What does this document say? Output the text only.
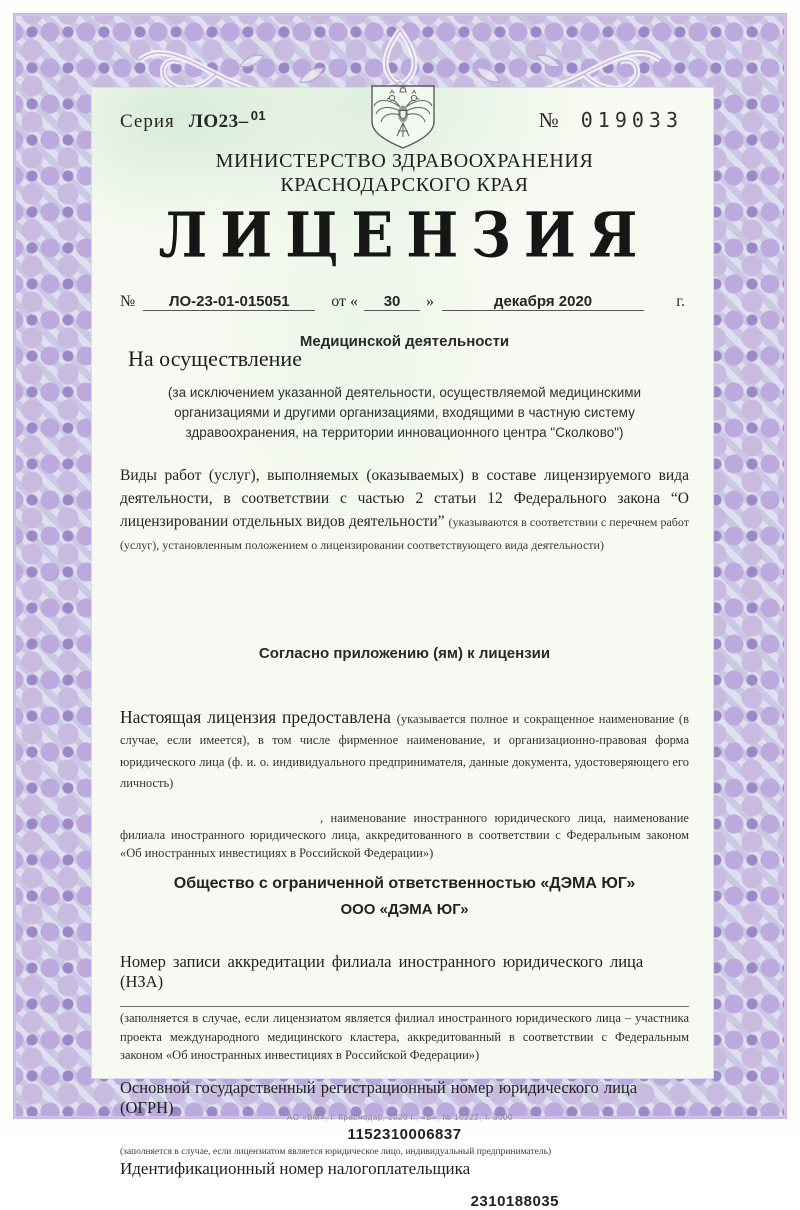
Серия ЛО23– $^{01}$	№ 019033
МИНИСТЕРСТВО ЗДРАВООХРАНЕНИЯ
КРАСНОДАРСКОГО КРАЯ
ЛИЦЕНЗИЯ
№	ЛО-23-01-015051	от «	30	»	декабря 2020	г.
Медицинской деятельности
На осуществление
(за исключением указанной деятельности, осуществляемой медицинскими организациями и другими организациями, входящими в частную систему здравоохранения, на территории инновационного центра "Сколково")

Виды работ (услуг), выполняемых (оказываемых) в составе лицензируемого вида деятельности, в соответствии с частью 2 статьи 12 Федерального закона “О лицензировании отдельных видов деятельности” (указываются в соответствии с перечнем работ (услуг), установленным положением о лицензировании соответствующего вида деятельности)

Согласно приложению (ям) к лицензии

Настоящая лицензия предоставлена (указывается полное и сокращенное наименование (в случае, если имеется), в том числе фирменное наименование, и организационно-правовая форма юридического лица (ф. и. о. индивидуального предпринимателя, данные документа, удостоверяющего его личность)

, наименование иностранного юридического лица, наименование филиала иностранного юридического лица, аккредитованного в соответствии с Федеральным законом «Об иностранных инвестициях в Российской Федерации»)

Общество с ограниченной ответственностью «ДЭМА ЮГ»
ООО «ДЭМА ЮГ»
Номер записи аккредитации филиала иностранного юридического лица (НЗА)

(заполняется в случае, если лицензиатом является филиал иностранного юридического лица – участника проекта международного медицинского кластера, аккредитованный в соответствии с Федеральным законом «Об иностранных инвестициях в Российской Федерации»)

Основной государственный регистрационный номер юридического лица (ОГРН)
1152310006837
(заполняется в случае, если лицензиатом является юридическое лицо, индивидуальный предприниматель)
Идентификационный номер налогоплательщика
2310188035
АО «ВМ», г. Краснодар, 2020 г., «В», № 10222, т. 3000
